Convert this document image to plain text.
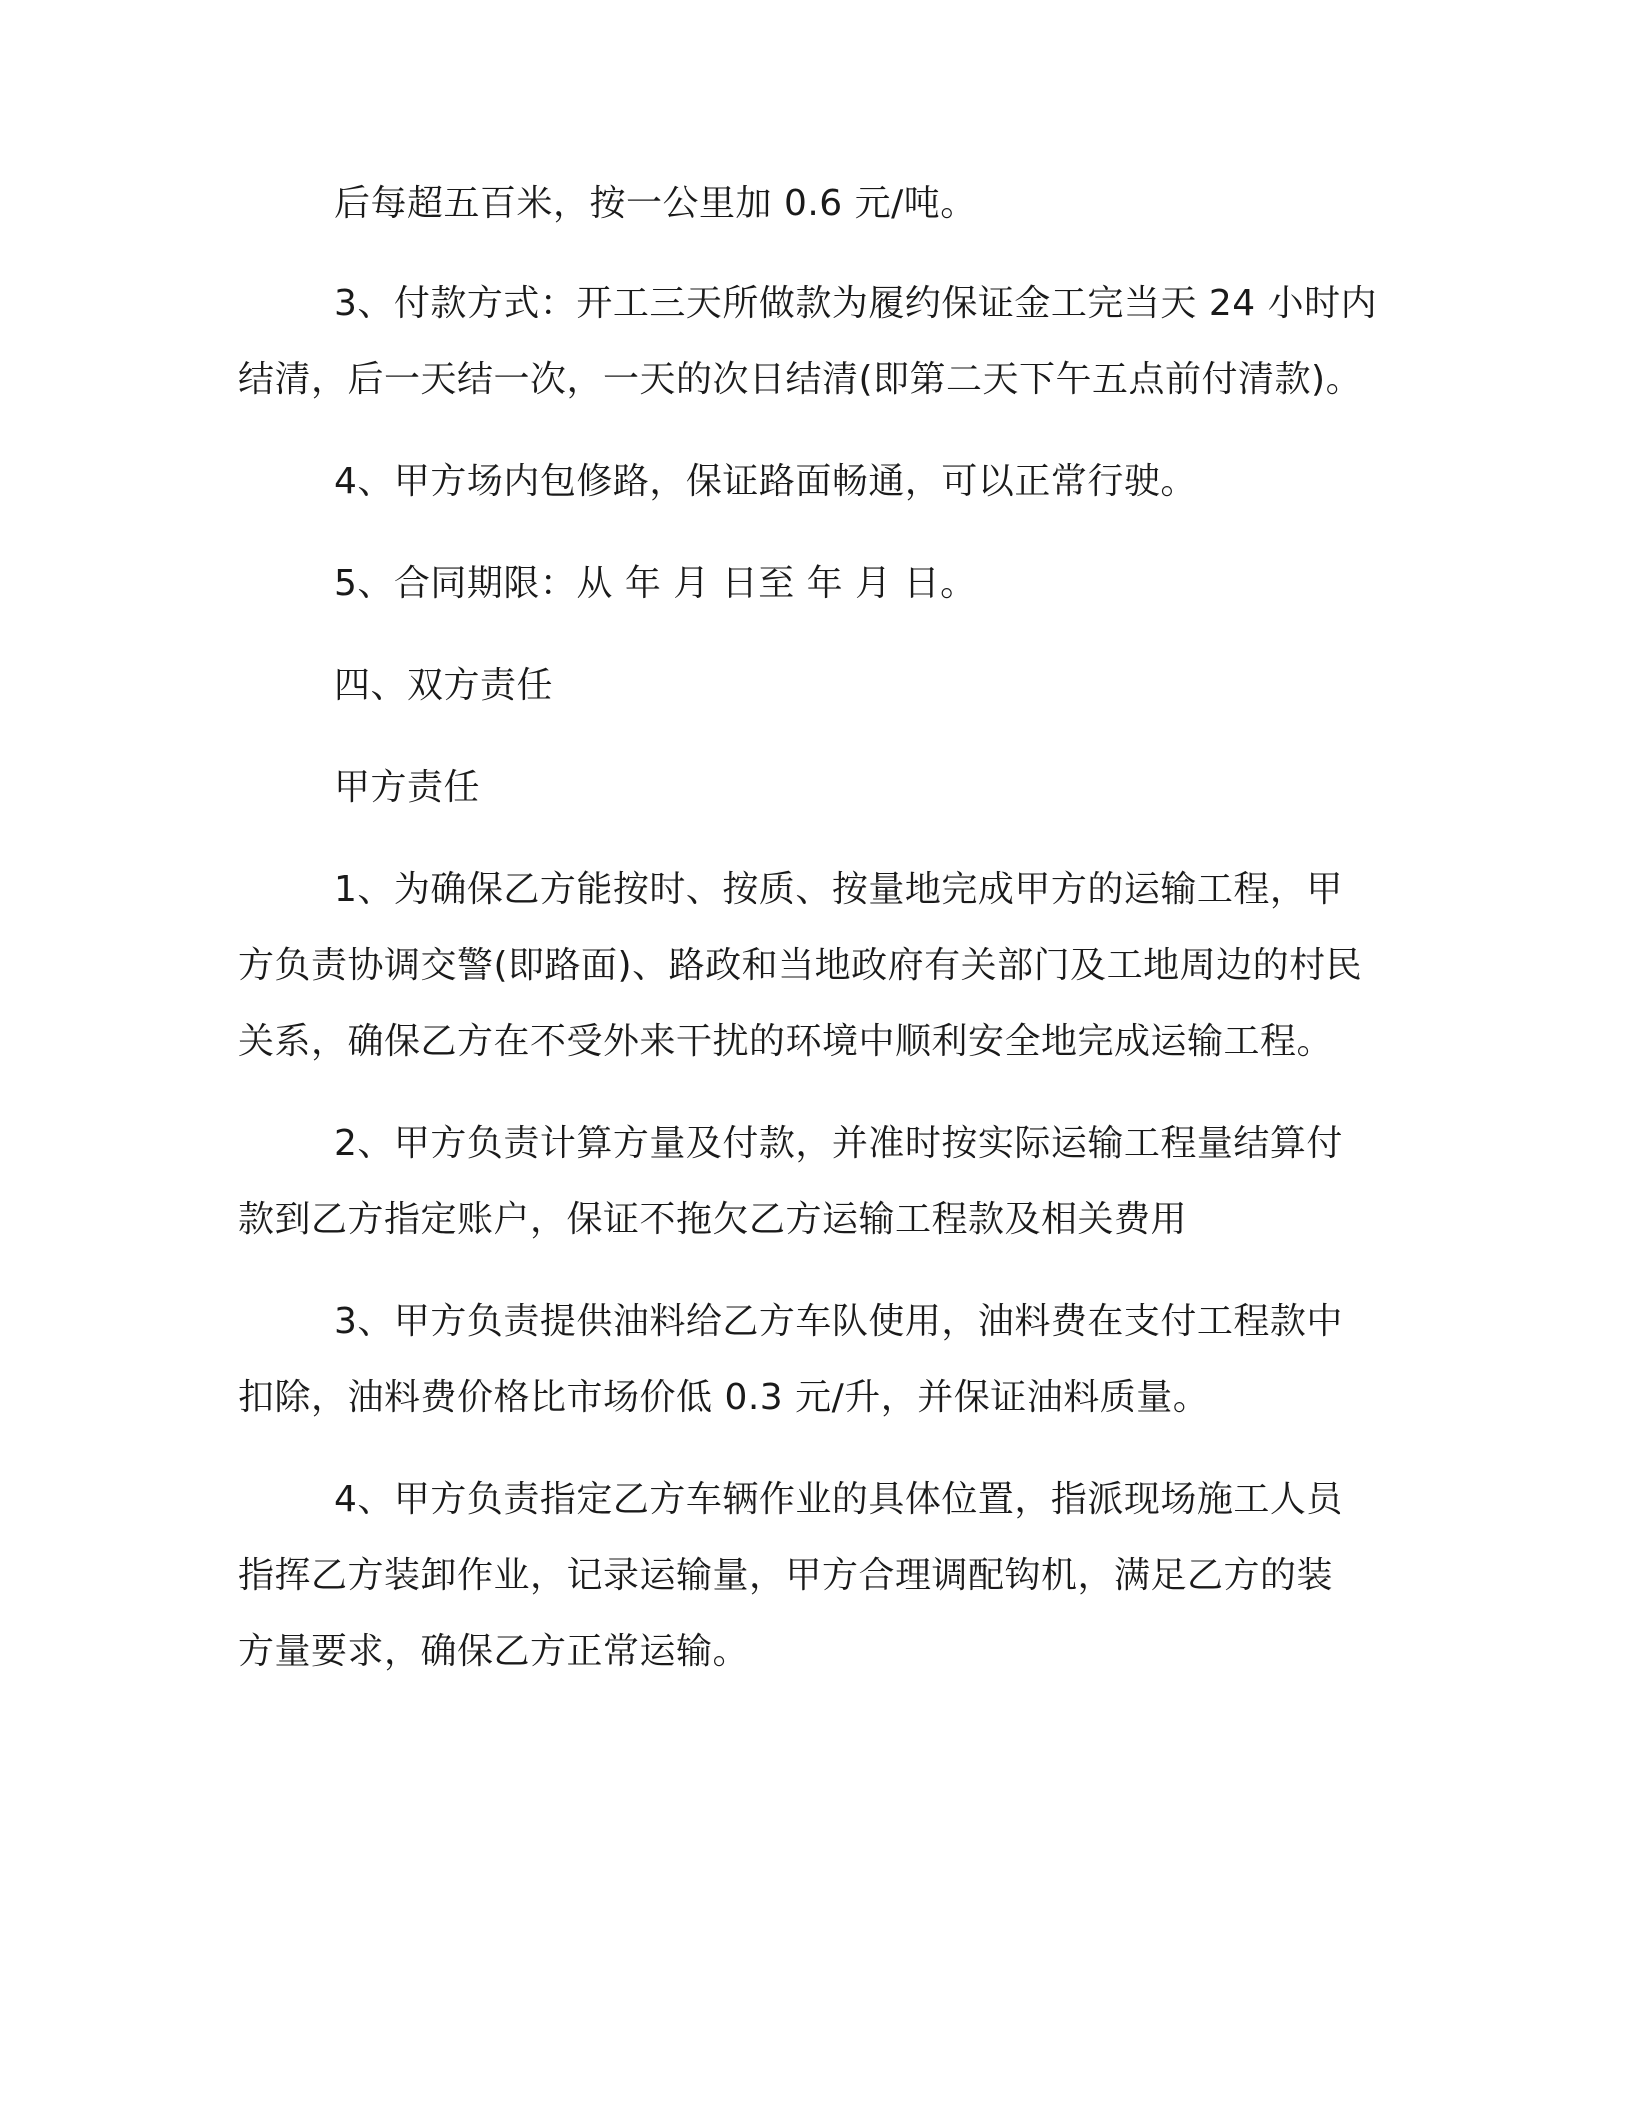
后每超五百米，按一公里加 0.6 元/吨。
3、付款方式：开工三天所做款为履约保证金工完当天 24 小时内
结清，后一天结一次，一天的次日结清(即第二天下午五点前付清款)。
4、甲方场内包修路，保证路面畅通，可以正常行驶。
5、合同期限：从 年 月 日至 年 月 日。
四、双方责任
甲方责任
1、为确保乙方能按时、按质、按量地完成甲方的运输工程，甲
方负责协调交警(即路面)、路政和当地政府有关部门及工地周边的村民
关系，确保乙方在不受外来干扰的环境中顺利安全地完成运输工程。
2、甲方负责计算方量及付款，并准时按实际运输工程量结算付
款到乙方指定账户，保证不拖欠乙方运输工程款及相关费用
3、甲方负责提供油料给乙方车队使用，油料费在支付工程款中
扣除，油料费价格比市场价低 0.3 元/升，并保证油料质量。
4、甲方负责指定乙方车辆作业的具体位置，指派现场施工人员
指挥乙方装卸作业，记录运输量，甲方合理调配钩机，满足乙方的装
方量要求，确保乙方正常运输。
